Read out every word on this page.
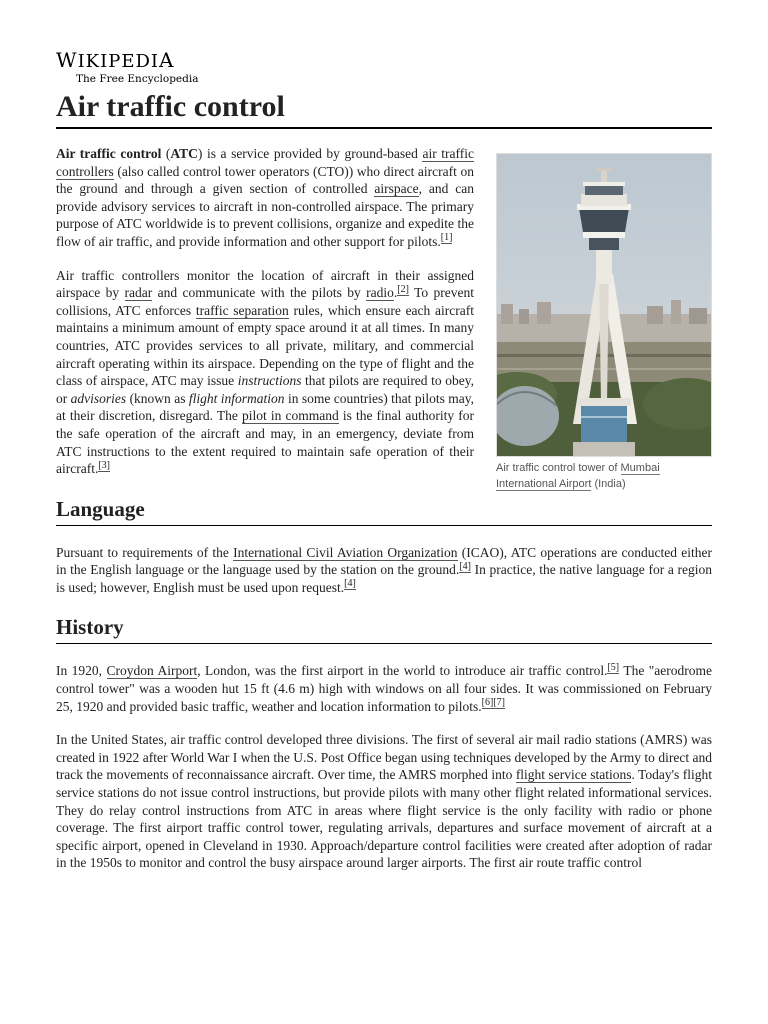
WIKIPEDIA
The Free Encyclopedia
Air traffic control
Air traffic control tower of Mumbai International Airport (India)

Air traffic control (ATC) is a service provided by ground-based air traffic controllers (also called control tower operators (CTO)) who direct aircraft on the ground and through a given section of controlled airspace, and can provide advisory services to aircraft in non-controlled airspace. The primary purpose of ATC worldwide is to prevent collisions, organize and expedite the flow of air traffic, and provide information and other support for pilots.[1]

Air traffic controllers monitor the location of aircraft in their assigned airspace by radar and communicate with the pilots by radio.[2] To prevent collisions, ATC enforces traffic separation rules, which ensure each aircraft maintains a minimum amount of empty space around it at all times. In many countries, ATC provides services to all private, military, and commercial aircraft operating within its airspace. Depending on the type of flight and the class of airspace, ATC may issue instructions that pilots are required to obey, or advisories (known as flight information in some countries) that pilots may, at their discretion, disregard. The pilot in command is the final authority for the safe operation of the aircraft and may, in an emergency, deviate from ATC instructions to the extent required to maintain safe operation of their aircraft.[3]

Language

Pursuant to requirements of the International Civil Aviation Organization (ICAO), ATC operations are conducted either in the English language or the language used by the station on the ground.[4] In practice, the native language for a region is used; however, English must be used upon request.[4]

History

In 1920, Croydon Airport, London, was the first airport in the world to introduce air traffic control.[5] The "aerodrome control tower" was a wooden hut 15 ft (4.6 m) high with windows on all four sides. It was commissioned on February 25, 1920 and provided basic traffic, weather and location information to pilots.[6][7]

In the United States, air traffic control developed three divisions. The first of several air mail radio stations (AMRS) was created in 1922 after World War I when the U.S. Post Office began using techniques developed by the Army to direct and track the movements of reconnaissance aircraft. Over time, the AMRS morphed into flight service stations. Today's flight service stations do not issue control instructions, but provide pilots with many other flight related informational services. They do relay control instructions from ATC in areas where flight service is the only facility with radio or phone coverage. The first airport traffic control tower, regulating arrivals, departures and surface movement of aircraft at a specific airport, opened in Cleveland in 1930. Approach/departure control facilities were created after adoption of radar in the 1950s to monitor and control the busy airspace around larger airports. The first air route traffic control
